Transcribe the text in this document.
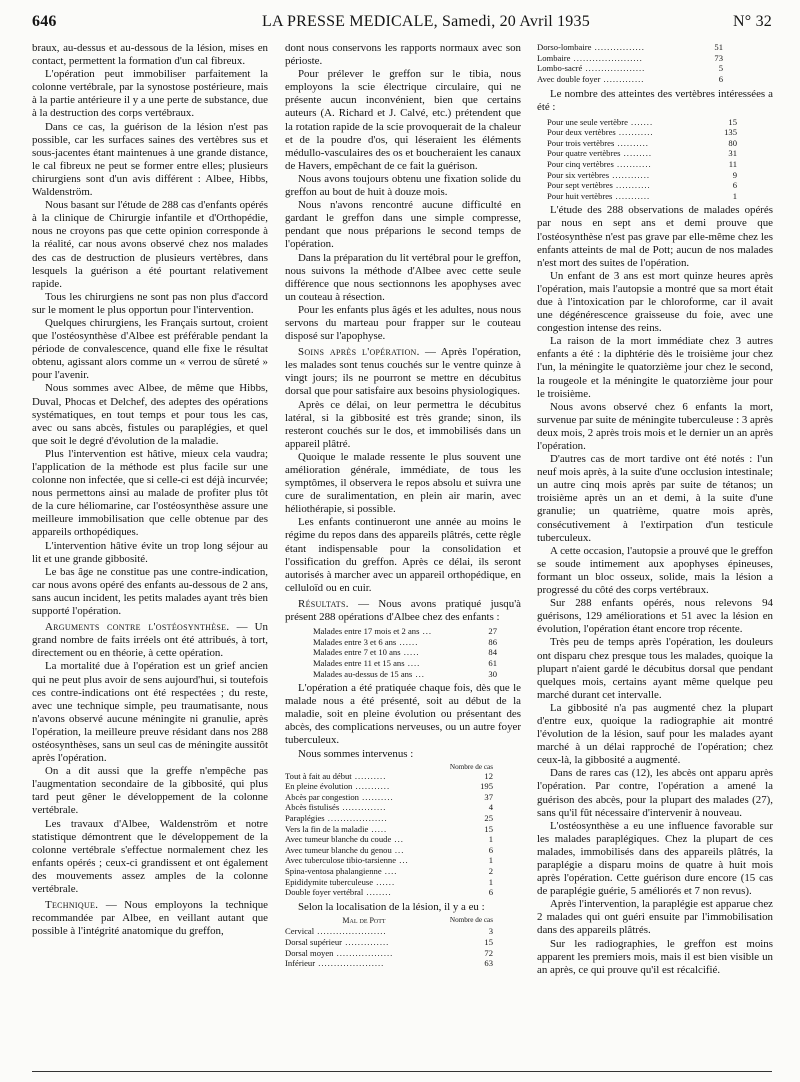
646	LA PRESSE MEDICALE, Samedi, 20 Avril 1935	N° 32

braux, au-dessus et au-dessous de la lésion, mises en contact, permettent la formation d'un cal fibreux.

L'opération peut immobiliser parfaitement la colonne vertébrale, par la synostose postérieure, mais à la partie antérieure il y a une perte de substance, due à la destruction des corps vertébraux.

Dans ce cas, la guérison de la lésion n'est pas possible, car les surfaces saines des vertèbres sus et sous-jacentes étant maintenues à une grande distance, le cal fibreux ne peut se former entre elles; plusieurs chirurgiens sont d'un avis différent : Albee, Hibbs, Waldenström.

Nous basant sur l'étude de 288 cas d'enfants opérés à la clinique de Chirurgie infantile et d'Orthopédie, nous ne croyons pas que cette opinion corresponde à la réalité, car nous avons observé chez nos malades des cas de destruction de plusieurs vertèbres, dans lesquels la guérison a été pourtant relativement rapide.

Tous les chirurgiens ne sont pas non plus d'accord sur le moment le plus opportun pour l'intervention.

Quelques chirurgiens, les Français surtout, croient que l'ostéosynthèse d'Albee est préférable pendant la période de convalescence, quand elle fixe le résultat obtenu, agissant alors comme un « verrou de sûreté » pour l'avenir.

Nous sommes avec Albee, de même que Hibbs, Duval, Phocas et Delchef, des adeptes des opérations systématiques, en tout temps et pour tous les cas, avec ou sans abcès, fistules ou paraplégies, et quel que soit le degré d'évolution de la maladie.

Plus l'intervention est hâtive, mieux cela vaudra; l'application de la méthode est plus facile sur une colonne non infectée, que si celle-ci est déjà incurvée; nous permettons ainsi au malade de profiter plus tôt de la cure héliomarine, car l'ostéosynthèse assure une meilleure immobilisation que celle obtenue par des appareils orthopédiques.

L'intervention hâtive évite un trop long séjour au lit et une grande gibbosité.

Le bas âge ne constitue pas une contre-indication, car nous avons opéré des enfants au-dessous de 2 ans, sans aucun incident, les petits malades ayant très bien supporté l'opération.

Arguments contre l'ostéosynthèse. — Un grand nombre de faits irréels ont été attribués, à tort, directement ou en théorie, à cette opération.

La mortalité due à l'opération est un grief ancien qui ne peut plus avoir de sens aujourd'hui, si toutefois ces contre-indications ont été respectées ; du reste, avec une technique simple, peu traumatisante, nous n'avons observé aucune méningite ni granulie, après l'opération, la meilleure preuve résidant dans nos 288 ostéosynthèses, sans un seul cas de méningite aussitôt après l'opération.

On a dit aussi que la greffe n'empêche pas l'augmentation secondaire de la gibbosité, qui plus tard peut gêner le développement de la colonne vertébrale.

Les travaux d'Albee, Waldenström et notre statistique démontrent que le développement de la colonne vertébrale s'effectue normalement chez les enfants opérés ; ceux-ci grandissent et ont également des mouvements assez amples de la colonne vertébrale.

Technique. — Nous employons la technique recommandée par Albee, en veillant autant que possible à l'intégrité anatomique du greffon,

dont nous conservons les rapports normaux avec son périoste.

Pour prélever le greffon sur le tibia, nous employons la scie électrique circulaire, qui ne présente aucun inconvénient, bien que certains auteurs (A. Richard et J. Calvé, etc.) prétendent que la rotation rapide de la scie provoquerait de la chaleur et de la poudre d'os, qui léseraient les éléments médullo-vasculaires des os et boucheraient les canaux de Havers, empêchant de ce fait la guérison.

Nous avons toujours obtenu une fixation solide du greffon au bout de huit à douze mois.

Nous n'avons rencontré aucune difficulté en gardant le greffon dans une simple compresse, pendant que nous préparions le second temps de l'opération.

Dans la préparation du lit vertébral pour le greffon, nous suivons la méthode d'Albee avec cette seule différence que nous sectionnons les apophyses avec un couteau à résection.

Pour les enfants plus âgés et les adultes, nous nous servons du marteau pour frapper sur le couteau disposé sur l'apophyse.

Soins après l'opération. — Après l'opération, les malades sont tenus couchés sur le ventre quinze à vingt jours; ils ne pourront se mettre en décubitus dorsal que pour satisfaire aux besoins physiologiques.

Après ce délai, on leur permettra le décubitus latéral, si la gibbosité est très grande; sinon, ils resteront couchés sur le dos, et immobilisés dans un appareil plâtré.

Quoique le malade ressente le plus souvent une amélioration générale, immédiate, de tous les symptômes, il observera le repos absolu et suivra une cure de suralimentation, en plein air marin, avec héliothérapie, si possible.

Les enfants continueront une année au moins le régime du repos dans des appareils plâtrés, cette règle étant indispensable pour la consolidation et l'ossification du greffon. Après ce délai, ils seront autorisés à marcher avec un appareil orthopédique, en celluloïd ou en cuir.

Résultats. — Nous avons pratiqué jusqu'à présent 288 opérations d'Albee chez des enfants :

Malades entre 17 mois et 2 ans ...	27
Malades entre 3 et 6 ans ......	86
Malades entre 7 et 10 ans .....	84
Malades entre 11 et 15 ans ....	61
Malades au-dessus de 15 ans ...	30

L'opération a été pratiquée chaque fois, dès que le malade nous a été présenté, soit au début de la maladie, soit en pleine évolution ou présentant des abcès, des complications nerveuses, ou un autre foyer tuberculeux.

Nous sommes intervenus :

	Nombre de cas
Tout à fait au début ..........	12
En pleine évolution ...........	195
Abcès par congestion ..........	37
Abcès fistulisés ..............	4
Paraplégies ...................	25
Vers la fin de la maladie .....	15
Avec tumeur blanche du coude ...	1
Avec tumeur blanche du genou ...	6
Avec tuberculose tibio-tarsienne ...	1
Spina-ventosa phalangienne ....	2
Epididymite tuberculeuse ......	1
Double foyer vertébral ........	6

Selon la localisation de la lésion, il y a eu :

Mal de Pott	Nombre de cas
Cervical ......................	3
Dorsal supérieur ..............	15
Dorsal moyen ..................	72
Inférieur .....................	63
Dorso-lombaire ................	51
Lombaire ......................	73
Lombo-sacré ...................	5
Avec double foyer .............	6

Le nombre des atteintes des vertèbres intéressées a été :

Pour une seule vertèbre .......	15
Pour deux vertèbres ...........	135
Pour trois vertèbres ..........	80
Pour quatre vertèbres .........	31
Pour cinq vertèbres ...........	11
Pour six vertèbres ............	9
Pour sept vertèbres ...........	6
Pour huit vertèbres ...........	1

L'étude des 288 observations de malades opérés par nous en sept ans et demi prouve que l'ostéosynthèse n'est pas grave par elle-même chez les enfants atteints de mal de Pott; aucun de nos malades n'est mort des suites de l'opération.

Un enfant de 3 ans est mort quinze heures après l'opération, mais l'autopsie a montré que sa mort était due à l'intoxication par le chloroforme, car il avait une dégénérescence graisseuse du foie, avec une congestion intense des reins.

La raison de la mort immédiate chez 3 autres enfants a été : la diphtérie dès le troisième jour chez l'un, la méningite le quatorzième jour chez le second, la rougeole et la méningite le quatorzième jour pour le troisième.

Nous avons observé chez 6 enfants la mort, survenue par suite de méningite tuberculeuse : 3 après deux mois, 2 après trois mois et le dernier un an après l'opération.

D'autres cas de mort tardive ont été notés : l'un neuf mois après, à la suite d'une occlusion intestinale; un autre cinq mois après par suite de tétanos; un troisième après un an et demi, à la suite d'une granulie; un quatrième, quatre mois après, consécutivement à l'extirpation d'un testicule tuberculeux.

A cette occasion, l'autopsie a prouvé que le greffon se soude intimement aux apophyses épineuses, formant un bloc osseux, solide, mais la lésion a progressé du côté des corps vertébraux.

Sur 288 enfants opérés, nous relevons 94 guérisons, 129 améliorations et 51 avec la lésion en évolution, l'opération étant encore trop récente.

Très peu de temps après l'opération, les douleurs ont disparu chez presque tous les malades, quoique la plupart n'aient gardé le décubitus dorsal que pendant quelques mois, certains ayant même quelque peu marché durant cet intervalle.

La gibbosité n'a pas augmenté chez la plupart d'entre eux, quoique la radiographie ait montré l'évolution de la lésion, sauf pour les malades ayant marché à un délai rapproché de l'opération; chez ceux-là, la gibbosité a augmenté.

Dans de rares cas (12), les abcès ont apparu après l'opération. Par contre, l'opération a amené la guérison des abcès, pour la plupart des malades (27), sans qu'il fût nécessaire d'intervenir à nouveau.

L'ostéosynthèse a eu une influence favorable sur les malades paraplégiques. Chez la plupart de ces malades, immobilisés dans des appareils plâtrés, la paraplégie a disparu moins de quatre à huit mois après l'opération. Cette guérison dure encore (15 cas de paraplégie guérie, 5 améliorés et 7 non revus).

Après l'intervention, la paraplégie est apparue chez 2 malades qui ont guéri ensuite par l'immobilisation dans des appareils plâtrés.

Sur les radiographies, le greffon est moins apparent les premiers mois, mais il est bien visible un an après, ce qui prouve qu'il est récalcifié.
